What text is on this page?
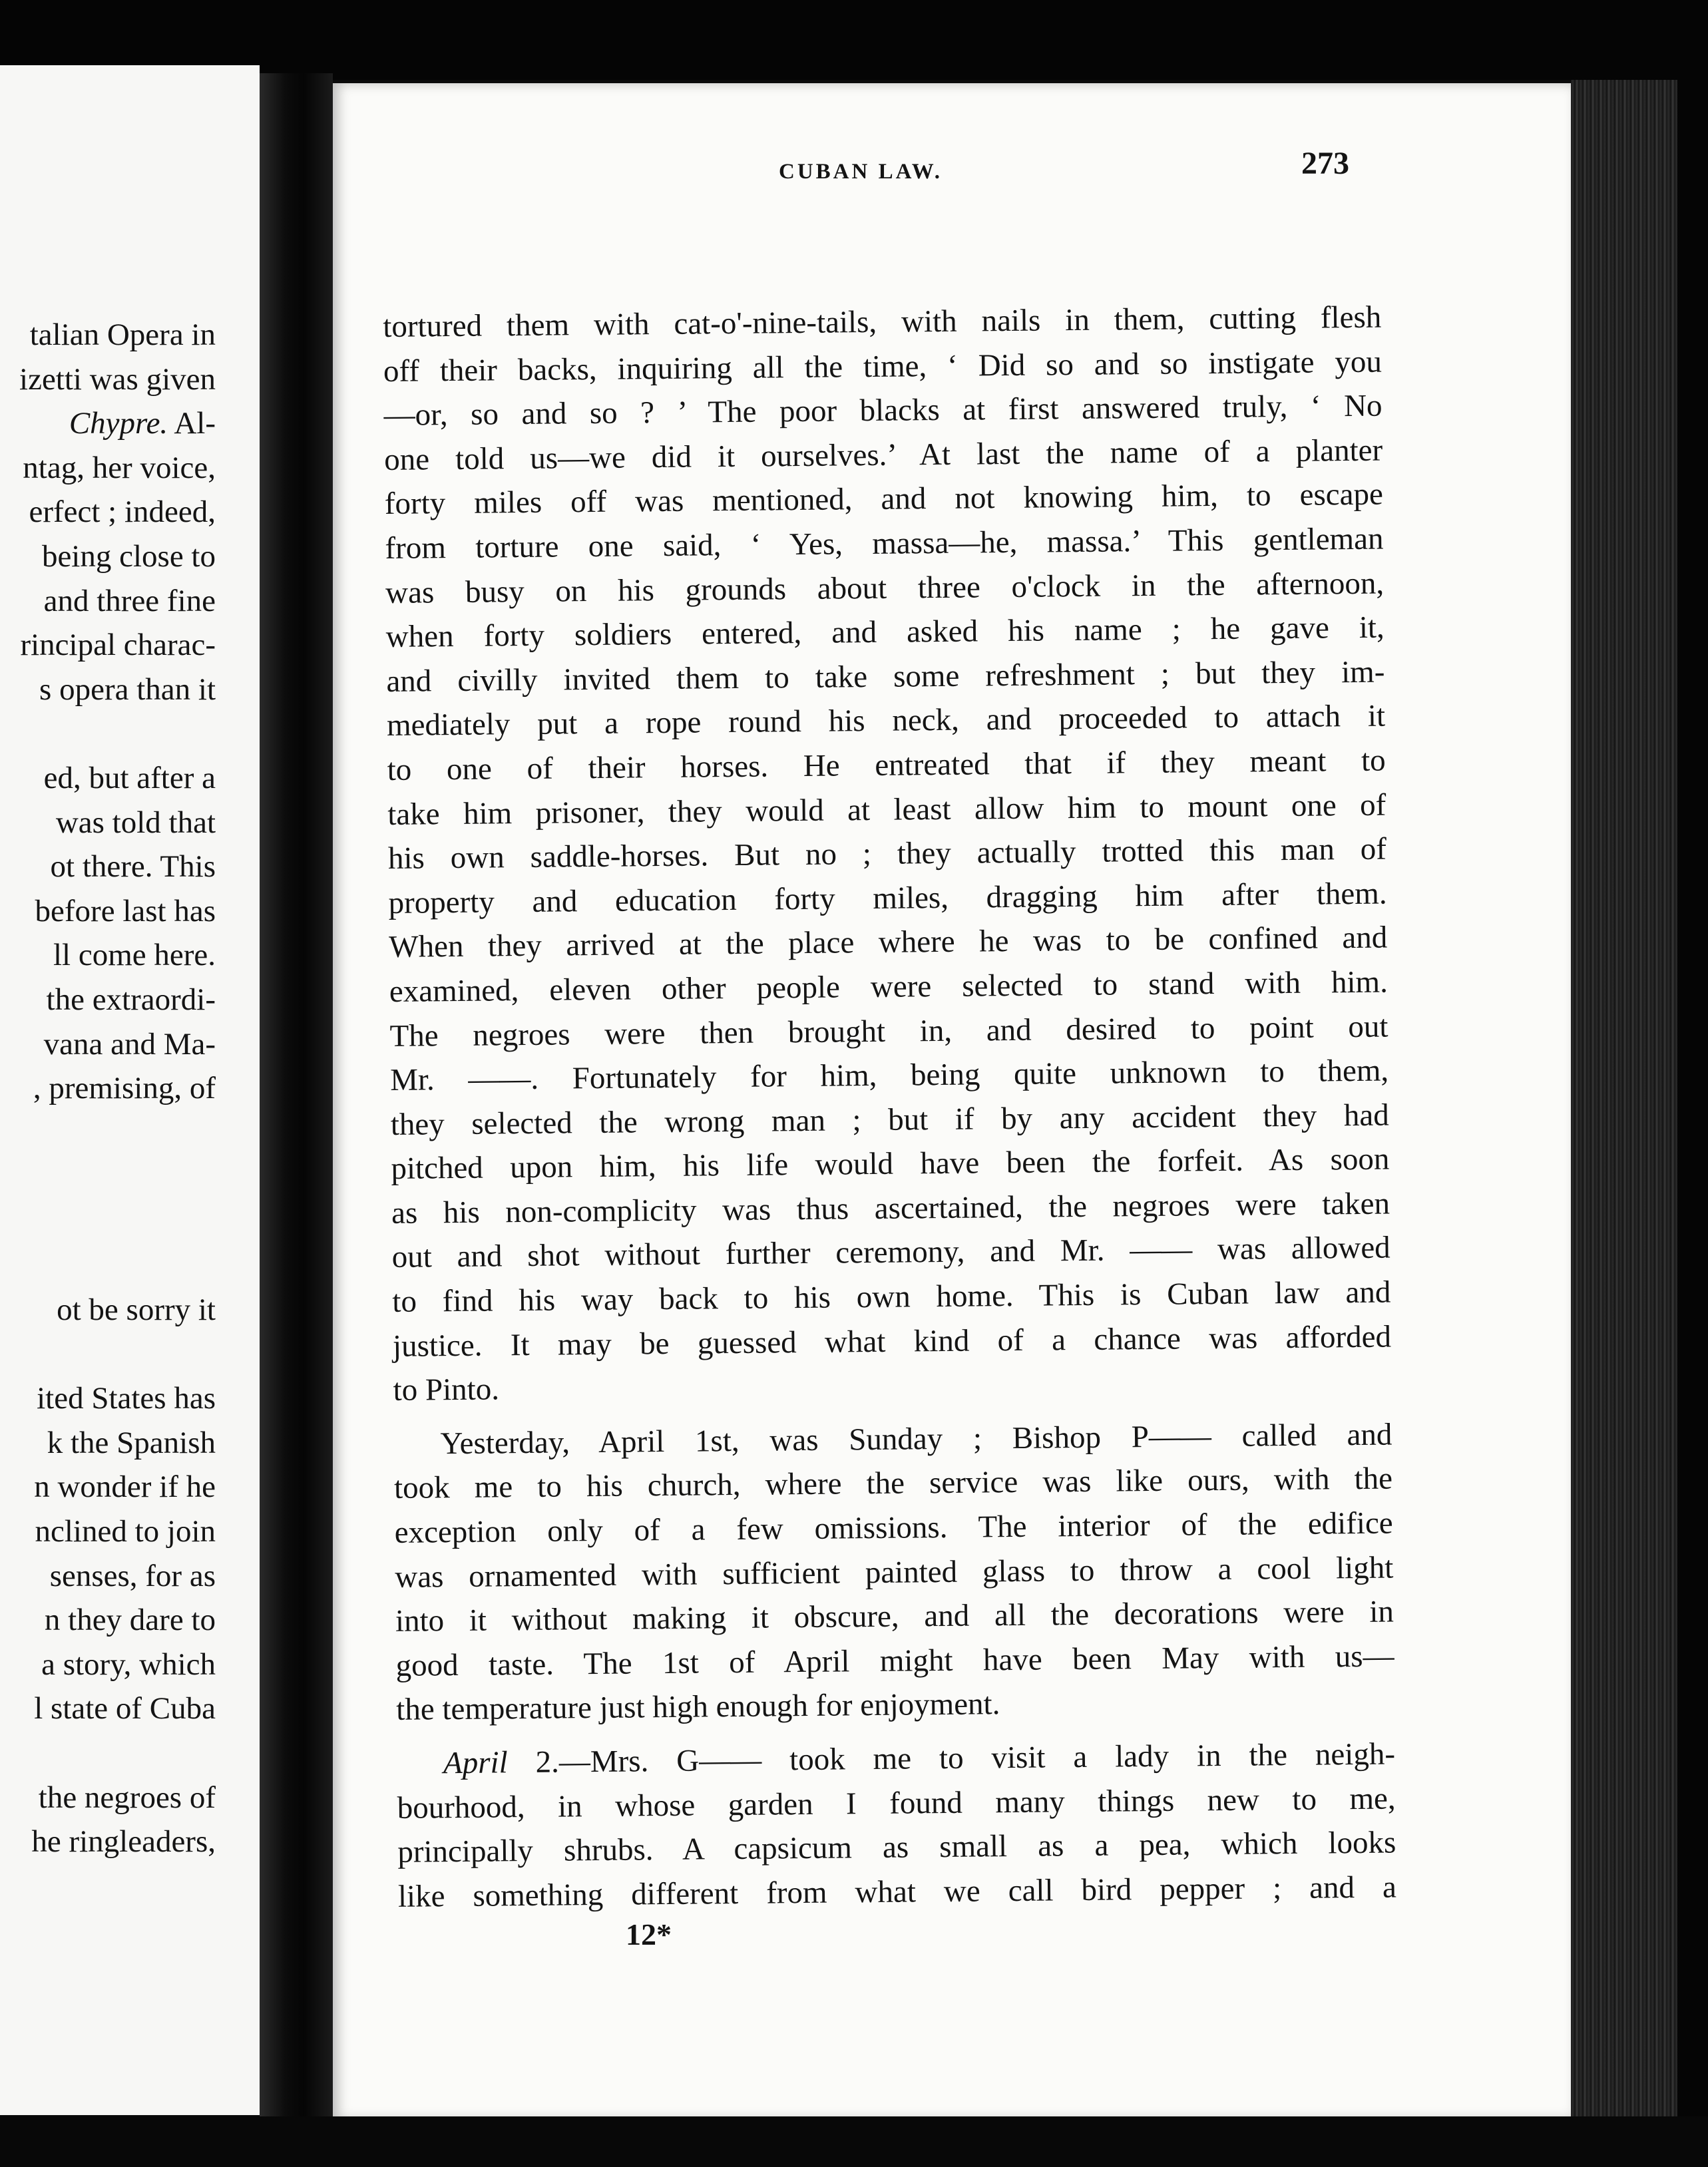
talian Opera in
izetti was given
Chypre. Al-
ntag, her voice,
erfect ; indeed,
being close to
and three fine
rincipal charac-
s opera than it
ed, but after a
was told that
ot there. This
before last has
ll come here.
the extraordi-
vana and Ma-
, premising, of
ot be sorry it
ited States has
k the Spanish
n wonder if he
nclined to join
senses, for as
n they dare to
a story, which
l state of Cuba
the negroes of
he ringleaders,
CUBAN LAW.	273
tortured them with cat-o'-nine-tails, with nails in them, cutting flesh
off their backs, inquiring all the time, ‘ Did so and so instigate you
—or, so and so ? ’ The poor blacks at first answered truly, ‘ No
one told us—we did it ourselves.’ At last the name of a planter
forty miles off was mentioned, and not knowing him, to escape
from torture one said, ‘ Yes, massa—he, massa.’ This gentleman
was busy on his grounds about three o'clock in the afternoon,
when forty soldiers entered, and asked his name ; he gave it,
and civilly invited them to take some refreshment ; but they im-
mediately put a rope round his neck, and proceeded to attach it
to one of their horses. He entreated that if they meant to
take him prisoner, they would at least allow him to mount one of
his own saddle-horses. But no ; they actually trotted this man of
property and education forty miles, dragging him after them.
When they arrived at the place where he was to be confined and
examined, eleven other people were selected to stand with him.
The negroes were then brought in, and desired to point out
Mr. ——. Fortunately for him, being quite unknown to them,
they selected the wrong man ; but if by any accident they had
pitched upon him, his life would have been the forfeit. As soon
as his non-complicity was thus ascertained, the negroes were taken
out and shot without further ceremony, and Mr. —— was allowed
to find his way back to his own home. This is Cuban law and
justice. It may be guessed what kind of a chance was afforded
to Pinto.
Yesterday, April 1st, was Sunday ; Bishop P—— called and
took me to his church, where the service was like ours, with the
exception only of a few omissions. The interior of the edifice
was ornamented with sufficient painted glass to throw a cool light
into it without making it obscure, and all the decorations were in
good taste. The 1st of April might have been May with us—
the temperature just high enough for enjoyment.
April 2.—Mrs. G—— took me to visit a lady in the neigh-
bourhood, in whose garden I found many things new to me,
principally shrubs. A capsicum as small as a pea, which looks
like something different from what we call bird pepper ; and a
12*
